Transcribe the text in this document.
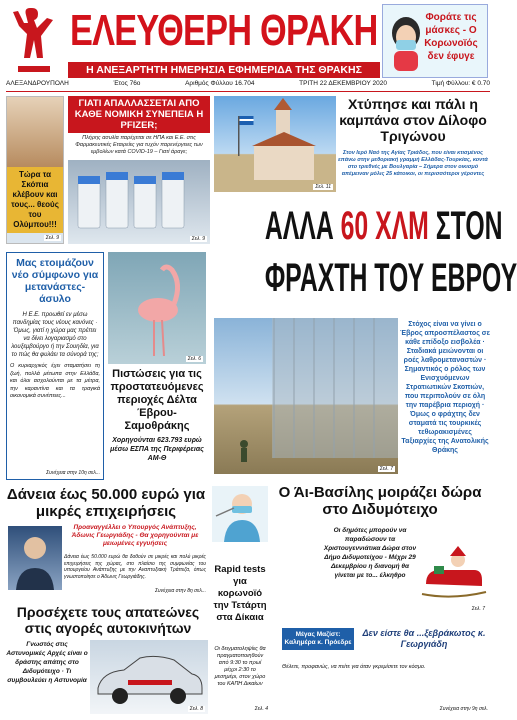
ΕΛΕΥΘΕΡΗ ΘΡΑΚΗ
Η ΑΝΕΞΑΡΤΗΤΗ ΗΜΕΡΗΣΙΑ ΕΦΗΜΕΡΙΔΑ ΤΗΣ ΘΡΑΚΗΣ
Φοράτε τις μάσκες - Ο Κορωνοϊός δεν έφυγε
ΑΛΕΞΑΝΔΡΟΥΠΟΛΗ	Έτος 76ο	Αριθμός Φύλλου 16.704	ΤΡΙΤΗ 22 ΔΕΚΕΜΒΡΙΟΥ 2020	Τιμή Φύλλου: € 0.70
Τώρα τα Σκόπια κλέβουν και τους... θεούς του Ολύμπου!!!
Σελ. 9
ΓΙΑΤΙ ΑΠΑΛΛΑΣΣΕΤΑΙ ΑΠΟ ΚΑΘΕ ΝΟΜΙΚΗ ΣΥΝΕΠΕΙΑ Η PFIZER;
Πλήρης ασυλία παρέχεται σε ΗΠΑ και Ε.Ε. στις Φαρμακευτικές Εταιρείες για τυχόν παρενέργειες των εμβολίων κατά COVID-19 – Γιατί άραγε;
Σελ. 9
Σελ. 11
Χτύπησε και πάλι η καμπάνα στον Δίλοφο Τριγώνου
Στον Ιερό Ναό της Αγίας Τριάδος, που είναι κτισμένος επάνω στην μεθοριακή γραμμή Ελλάδας-Τουρκίας, κοντά στο τριεθνές με Βουλγαρία – Σήμερα στον οικισμό απέμειναν μόλις 25 κάτοικοι, οι περισσότεροι γέροντες
ΑΛΛΑ 60 ΧΛΜ ΣΤΟΝ
ΦΡΑΧΤΗ ΤΟΥ ΕΒΡΟΥ
Σελ. 7
Στόχος είναι να γίνει ο Έβρος απροσπέλαστος σε κάθε επίδοξο εισβολέα · Σταδιακά μειώνονται οι ροές λαθρομεταναστών · Σημαντικός ο ρόλος των Ενισχυόμενων Στρατιωτικών Σκοπιών, που περιπολούν σε όλη την παρέβρια περιοχή · Όμως ο φράχτης δεν σταματά τις τουρκικές τεθωρακισμένες Ταξιαρχίες της Ανατολικής Θράκης
Μας ετοιμάζουν νέο σύμφωνο για μετανάστες-άσυλο
Η Ε.Ε. προωθεί εν μέσω πανδημίας τους νέους κανόνες · Όμως, γιατί η χώρα μας πρέπει να δίνει λογαριασμό στο λουξεμβούργο ή την Σουηδία, για το πώς θα φυλάει τα σύνορά της;
Ο κυριαρχικός έχει σταματήσει τη ζωή, πολλά μέτωπα στην Ελλάδα, και όλοι ασχολούνται με τα μέτρα, την καραντίνα και τα τραγικά οικονομικά συνέπειες...
Συνέχεια στην 10η σελ...
Σελ. 6
Πιστώσεις για τις προστατευόμενες περιοχές Δέλτα Έβρου-Σαμοθράκης
Χορηγούνται 623.793 ευρώ μέσω ΕΣΠΑ της Περιφέρειας ΑΜ-Θ
Δάνεια έως 50.000 ευρώ για μικρές επιχειρήσεις
Προαναγγέλλει ο Υπουργός Ανάπτυξης, Άδωνις Γεωργιάδης - Θα χορηγούνται με μειωμένες εγγυήσεις
Δάνεια έως 50.000 ευρώ θα δοθούν σε μικρές και πολύ μικρές επιχειρήσεις της χώρας, στο πλαίσιο της συμφωνίας του υπουργείου Ανάπτυξης με την Αναπτυξιακή Τράπεζα, όπως γνωστοποίησε ο Άδωνις Γεωργιάδης.
Συνέχεια στην 8η σελ...
Προσέχετε τους απατεώνες στις αγορές αυτοκινήτων
Γνωστός στις Αστυνομικές Αρχές είναι ο δράστης απάτης στο Διδυμότειχο · Τι συμβουλεύει η Αστυνομία
Σελ. 8
Ο Άι-Βασίλης μοιράζει δώρα στο Διδυμότειχο
Οι δημότες μπορούν να παραδώσουν τα Χριστουγεννιάτικα Δώρα στον Δήμο Διδυμοτείχου - Μέχρι 29 Δεκεμβρίου η διανομή θα γίνεται με το... έλκηθρο
Σελ. 7
Rapid tests για κορωνοϊό την Τετάρτη στα Δίκαια
Οι δειγματοληψίες θα πραγματοποιηθούν από 9:30 το πρωί μέχρι 2:30 το μεσημέρι, στον χώρο του ΚΑΠΗ Δικαίων
Σελ. 4
Μέγας Μαζίστ: Καλημέρα κ. Πρόεδρε
Δεν είστε θα ...ξεβράκωτος κ. Γεωργιάδη
Θέλετε, προφανώς, να πείτε για όταν γκρεμίσετε τον κόσμο.
Συνέχεια στην 9η σελ.
